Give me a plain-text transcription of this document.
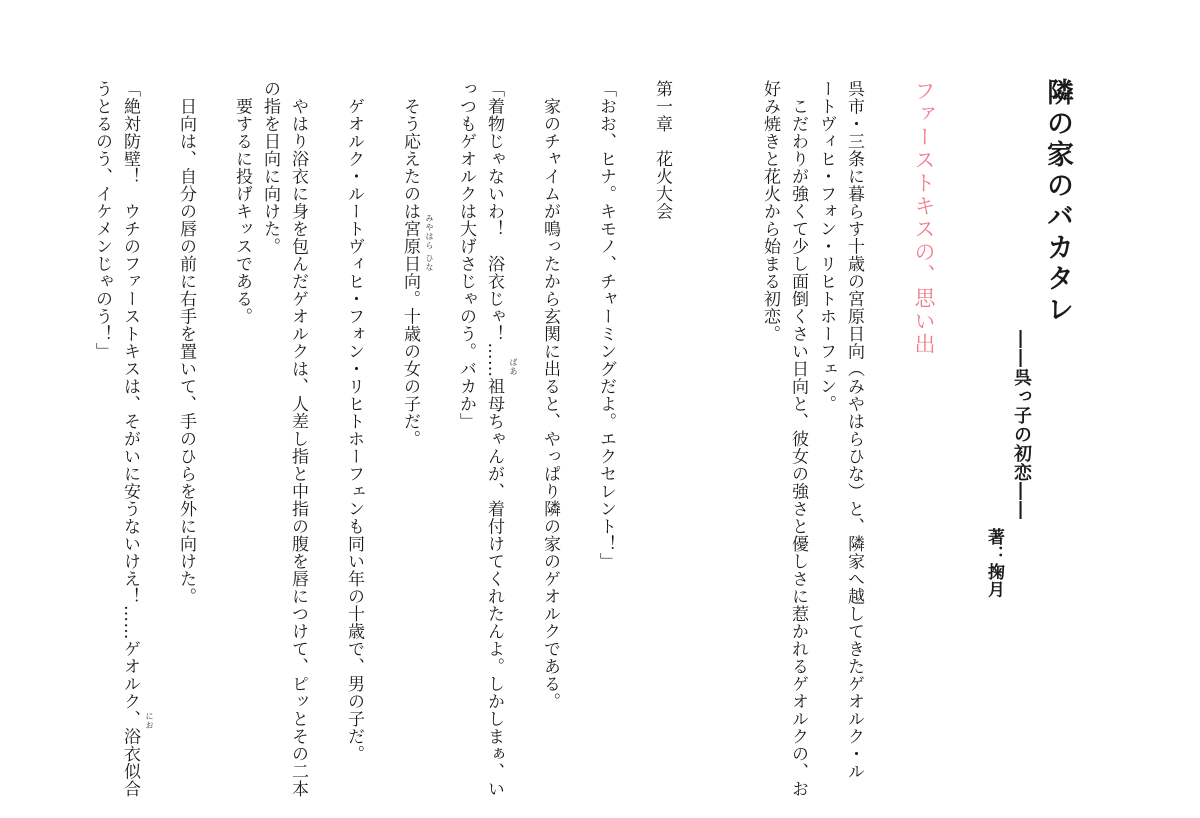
隣の家のバカタレ
――呉っ子の初恋――
著：掬月
ファーストキスの、思い出
呉市・三条に暮らす十歳の宮原日向（みやはらひな）と、隣家へ越してきたゲオルク・ル
ートヴィヒ・フォン・リヒトホーフェン。
　こだわりが強くて少し面倒くさい日向と、彼女の強さと優しさに惹かれるゲオルクの、お
好み焼きと花火から始まる初恋。
第一章　花火大会
「おお、ヒナ。キモノ、チャーミングだよ。エクセレント！」
　家のチャイムが鳴ったから玄関に出ると、やっぱり隣の家のゲオルクである。
「着物じゃないわ！　浴衣じゃ！……祖母ちゃんが、着付けてくれたんよ。しかしまぁ、い ばあ
っつもゲオルクは大げさじゃのう。バカか」
　そう応えたのは宮原日向。十歳の女の子だ。 みやはら
ひな
　ゲオルク・ルートヴィヒ・フォン・リヒトホーフェンも同い年の十歳で、男の子だ。
　やはり浴衣に身を包んだゲオルクは、人差し指と中指の腹を唇につけて、ピッとその二本
の指を日向に向けた。
　要するに投げキッスである。
　日向は、自分の唇の前に右手を置いて、手のひらを外に向けた。
「絶対防壁！　ウチのファーストキスは、そがいに安うないけえ！……ゲオルク、浴衣似合 にお
うとるのう、イケメンじゃのう！」
